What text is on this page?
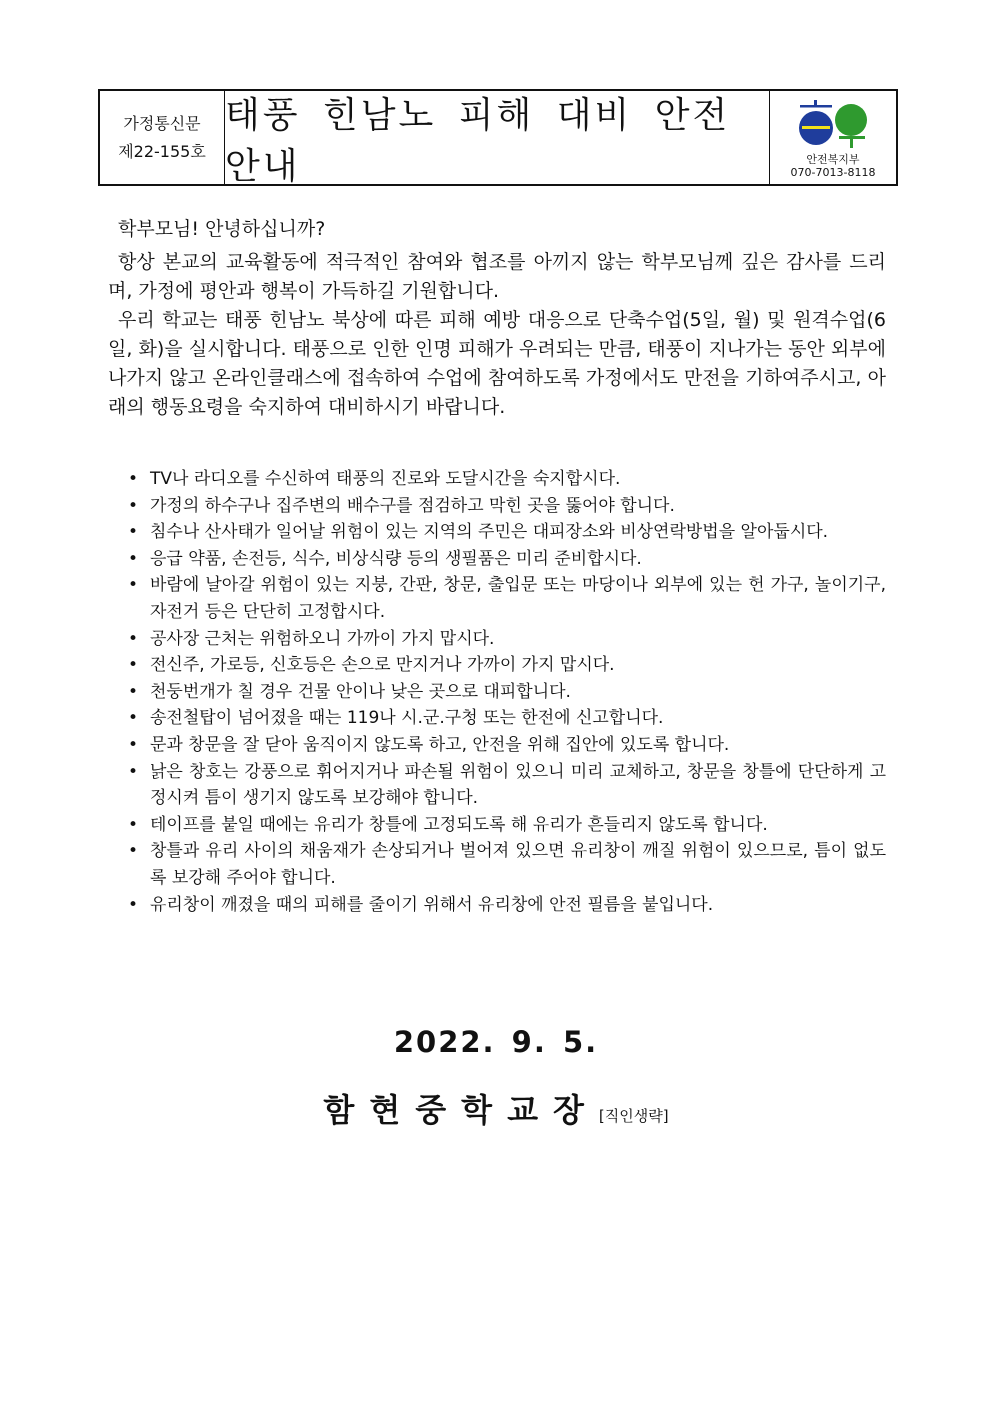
가정통신문
제22-155호
태풍 힌남노 피해 대비 안전 안내	안전복지부
070-7013-8118

학부모님! 안녕하십니까?

항상 본교의 교육활동에 적극적인 참여와 협조를 아끼지 않는 학부모님께 깊은 감사를 드리며, 가정에 평안과 행복이 가득하길 기원합니다.

우리 학교는 태풍 힌남노 북상에 따른 피해 예방 대응으로 단축수업(5일, 월) 및 원격수업(6일, 화)을 실시합니다. 태풍으로 인한 인명 피해가 우려되는 만큼, 태풍이 지나가는 동안 외부에 나가지 않고 온라인클래스에 접속하여 수업에 참여하도록 가정에서도 만전을 기하여주시고, 아래의 행동요령을 숙지하여 대비하시기 바랍니다.

• TV나 라디오를 수신하여 태풍의 진로와 도달시간을 숙지합시다.
• 가정의 하수구나 집주변의 배수구를 점검하고 막힌 곳을 뚫어야 합니다.
• 침수나 산사태가 일어날 위험이 있는 지역의 주민은 대피장소와 비상연락방법을 알아둡시다.
• 응급 약품, 손전등, 식수, 비상식량 등의 생필품은 미리 준비합시다.
• 바람에 날아갈 위험이 있는 지붕, 간판, 창문, 출입문 또는 마당이나 외부에 있는 헌 가구, 놀이기구, 자전거 등은 단단히 고정합시다.
• 공사장 근처는 위험하오니 가까이 가지 맙시다.
• 전신주, 가로등, 신호등은 손으로 만지거나 가까이 가지 맙시다.
• 천둥번개가 칠 경우 건물 안이나 낮은 곳으로 대피합니다.
• 송전철탑이 넘어졌을 때는 119나 시.군.구청 또는 한전에 신고합니다.
• 문과 창문을 잘 닫아 움직이지 않도록 하고, 안전을 위해 집안에 있도록 합니다.
• 낡은 창호는 강풍으로 휘어지거나 파손될 위험이 있으니 미리 교체하고, 창문을 창틀에 단단하게 고정시켜 틈이 생기지 않도록 보강해야 합니다.
• 테이프를 붙일 때에는 유리가 창틀에 고정되도록 해 유리가 흔들리지 않도록 합니다.
• 창틀과 유리 사이의 채움재가 손상되거나 벌어져 있으면 유리창이 깨질 위험이 있으므로, 틈이 없도록 보강해 주어야 합니다.
• 유리창이 깨졌을 때의 피해를 줄이기 위해서 유리창에 안전 필름을 붙입니다.
2022. 9. 5.
함현중학교장[직인생략]
